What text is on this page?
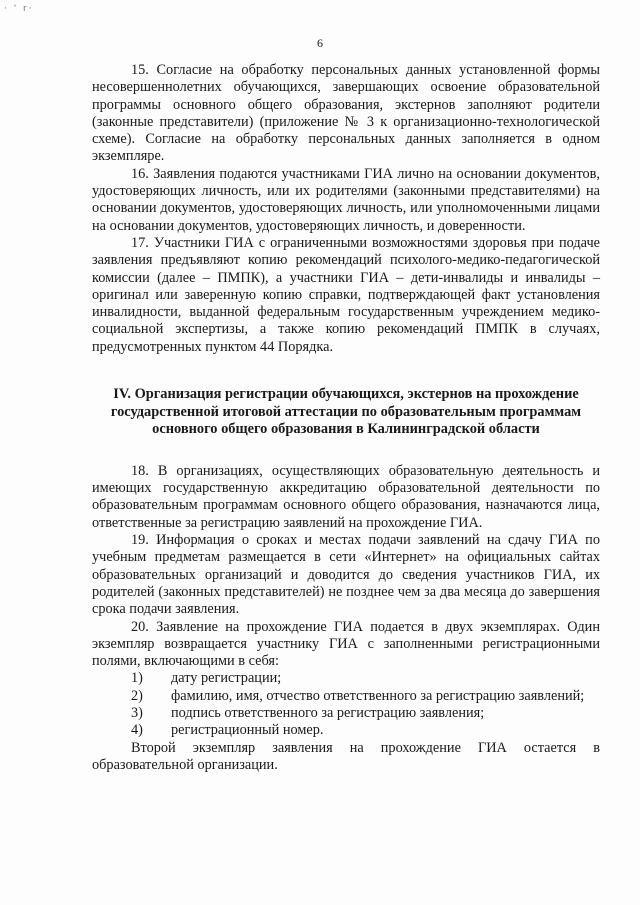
· ' r·
6

15. Согласие на обработку персональных данных установленной формы несовершеннолетних обучающихся, завершающих освоение образовательной программы основного общего образования, экстернов заполняют родители (законные представители) (приложение № 3 к организационно-технологической схеме). Согласие на обработку персональных данных заполняется в одном экземпляре.

16. Заявления подаются участниками ГИА лично на основании документов, удостоверяющих личность, или их родителями (законными представителями) на основании документов, удостоверяющих личность, или уполномоченными лицами на основании документов, удостоверяющих личность, и доверенности.

17. Участники ГИА с ограниченными возможностями здоровья при подаче заявления предъявляют копию рекомендаций психолого-медико-педагогической комиссии (далее – ПМПК), а участники ГИА – дети-инвалиды и инвалиды – оригинал или заверенную копию справки, подтверждающей факт установления инвалидности, выданной федеральным государственным учреждением медико-социальной экспертизы, а также копию рекомендаций ПМПК в случаях, предусмотренных пунктом 44 Порядка.

IV. Организация регистрации обучающихся, экстернов на прохождение государственной итоговой аттестации по образовательным программам основного общего образования в Калининградской области

18. В организациях, осуществляющих образовательную деятельность и имеющих государственную аккредитацию образовательной деятельности по образовательным программам основного общего образования, назначаются лица, ответственные за регистрацию заявлений на прохождение ГИА.

19. Информация о сроках и местах подачи заявлений на сдачу ГИА по учебным предметам размещается в сети «Интернет» на официальных сайтах образовательных организаций и доводится до сведения участников ГИА, их родителей (законных представителей) не позднее чем за два месяца до завершения срока подачи заявления.

20. Заявление на прохождение ГИА подается в двух экземплярах. Один экземпляр возвращается участнику ГИА с заполненными регистрационными полями, включающими в себя:

1) дату регистрации;

2) фамилию, имя, отчество ответственного за регистрацию заявлений;

3) подпись ответственного за регистрацию заявления;

4) регистрационный номер.

Второй экземпляр заявления на прохождение ГИА остается в образовательной организации.
